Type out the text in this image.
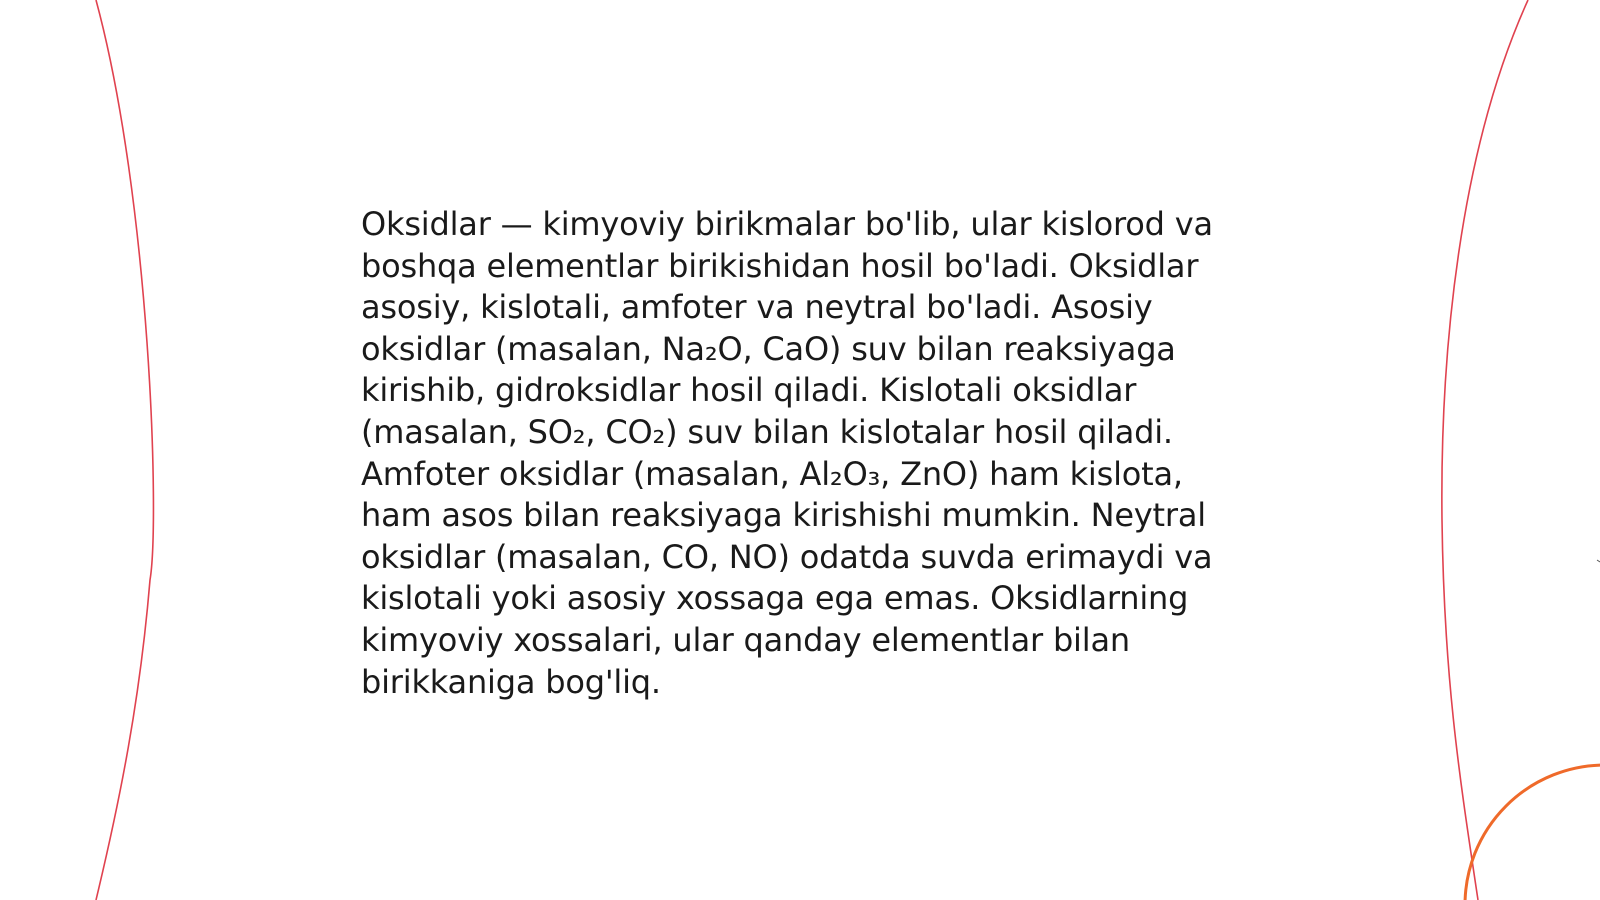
Oksidlar — kimyoviy birikmalar bo'lib, ular kislorod va
boshqa elementlar birikishidan hosil bo'ladi. Oksidlar
asosiy, kislotali, amfoter va neytral bo'ladi. Asosiy
oksidlar (masalan, Na₂O, CaO) suv bilan reaksiyaga
kirishib, gidroksidlar hosil qiladi. Kislotali oksidlar
(masalan, SO₂, CO₂) suv bilan kislotalar hosil qiladi.
Amfoter oksidlar (masalan, Al₂O₃, ZnO) ham kislota,
ham asos bilan reaksiyaga kirishishi mumkin. Neytral
oksidlar (masalan, CO, NO) odatda suvda erimaydi va
kislotali yoki asosiy xossaga ega emas. Oksidlarning
kimyoviy xossalari, ular qanday elementlar bilan
birikkaniga bog'liq.
